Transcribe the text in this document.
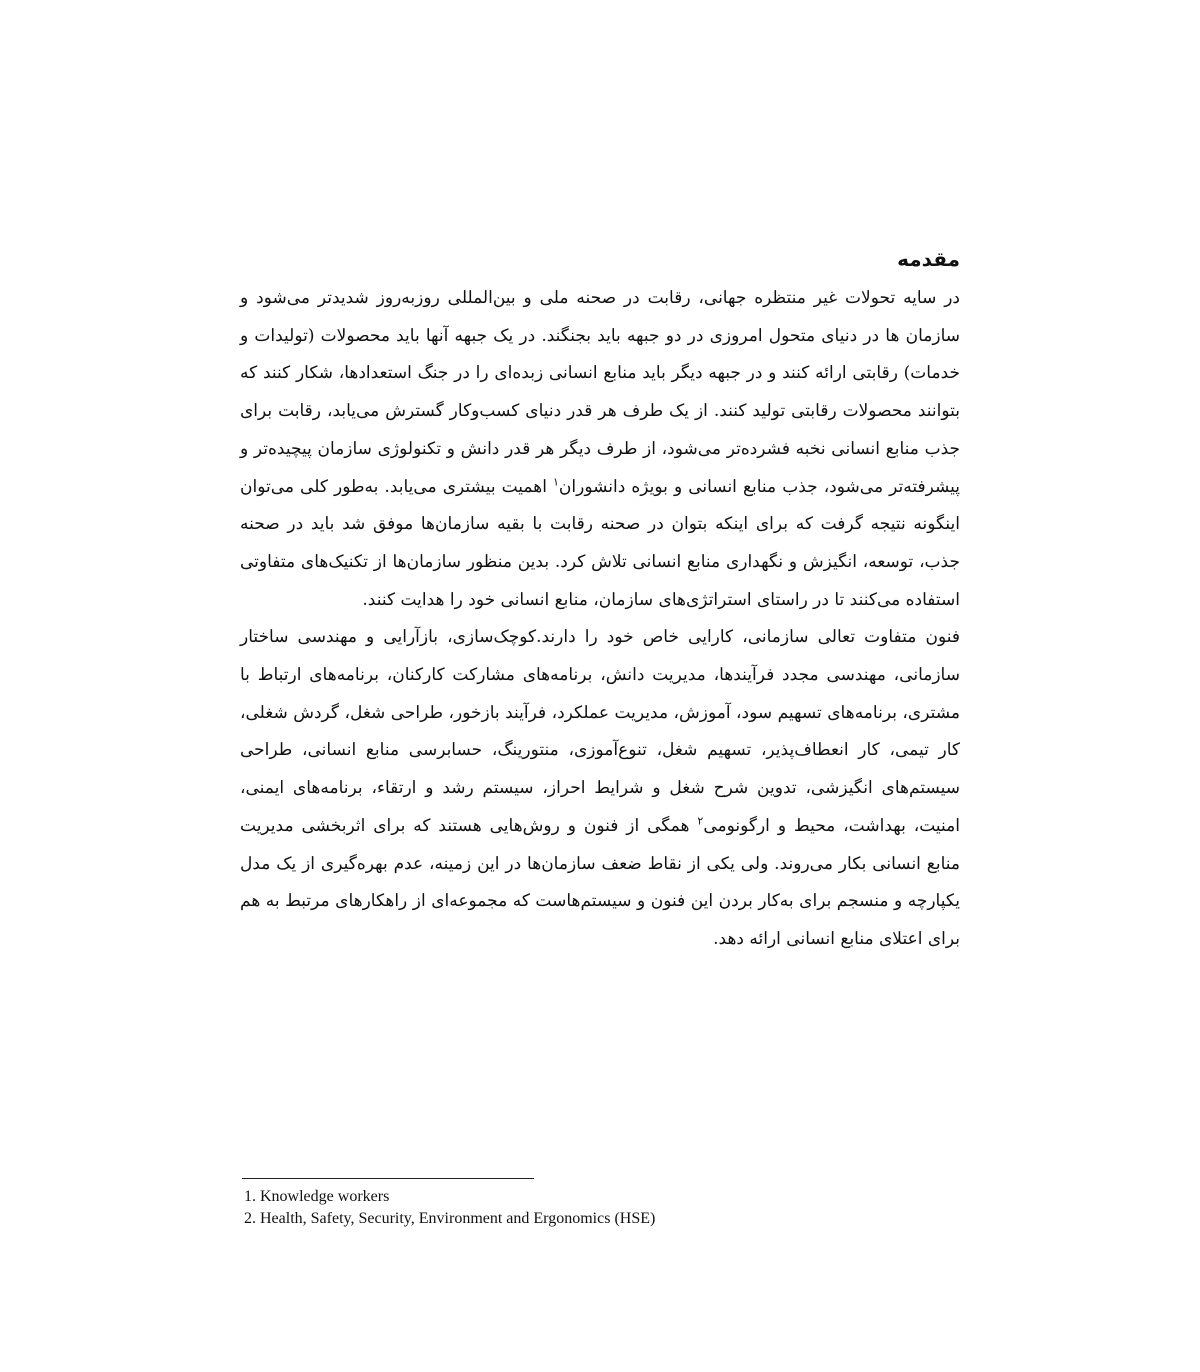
مقدمه

در سایه تحولات غیر منتظره جهانی، رقابت در صحنه ملی و بین‌المللی روزبه‌روز شدیدتر می‌شود و سازمان ها در دنیای متحول امروزی در دو جبهه باید بجنگند. در یک جبهه آنها باید محصولات (تولیدات و خدمات) رقابتی ارائه کنند و در جبهه دیگر باید منابع انسانی زبده‌ای را در جنگ استعدادها، شکار کنند که بتوانند محصولات رقابتی تولید کنند. از یک طرف هر قدر دنیای کسب‌وکار گسترش می‌یابد، رقابت برای جذب منابع انسانی نخبه فشرده‌تر می‌شود، از طرف دیگر هر قدر دانش و تکنولوژی سازمان پیچیده‌تر و پیشرفته‌تر می‌شود، جذب منابع انسانی و بویژه دانشوران$^۱$ اهمیت بیشتری می‌یابد. به‌طور کلی می‌توان اینگونه نتیجه گرفت که برای اینکه بتوان در صحنه رقابت با بقیه سازمان‌ها موفق شد باید در صحنه جذب، توسعه، انگیزش و نگهداری منابع انسانی تلاش کرد. بدین منظور سازمان‌ها از تکنیک‌های متفاوتی استفاده می‌کنند تا در راستای استراتژی‌های سازمان، منابع انسانی خود را هدایت کنند.

فنون متفاوت تعالی سازمانی، کارایی خاص خود را دارند.کوچک‌سازی، بازآرایی و مهندسی ساختار سازمانی، مهندسی مجدد فرآیندها، مدیریت دانش، برنامه‌های مشارکت کارکنان، برنامه‌های ارتباط با مشتری، برنامه‌های تسهیم سود، آموزش، مدیریت عملکرد، فرآیند بازخور، طراحی شغل، گردش شغلی، کار تیمی، کار انعطاف‌پذیر، تسهیم شغل، تنوع‌آموزی، منتورینگ، حسابرسی منابع انسانی، طراحی سیستم‌های انگیزشی، تدوین شرح شغل و شرایط احراز، سیستم رشد و ارتقاء، برنامه‌های ایمنی، امنیت، بهداشت، محیط و ارگونومی$^۲$ همگی از فنون و روش‌هایی هستند که برای اثربخشی مدیریت منابع انسانی بکار می‌روند. ولی یکی از نقاط ضعف سازمان‌ها در این زمینه، عدم بهره‌گیری از یک مدل یکپارچه و منسجم برای به‌کار بردن این فنون و سیستم‌هاست که مجموعه‌ای از راهکارهای مرتبط به هم برای اعتلای منابع انسانی ارائه دهد.

1. Knowledge workers
2. Health, Safety, Security, Environment and Ergonomics (HSE)
